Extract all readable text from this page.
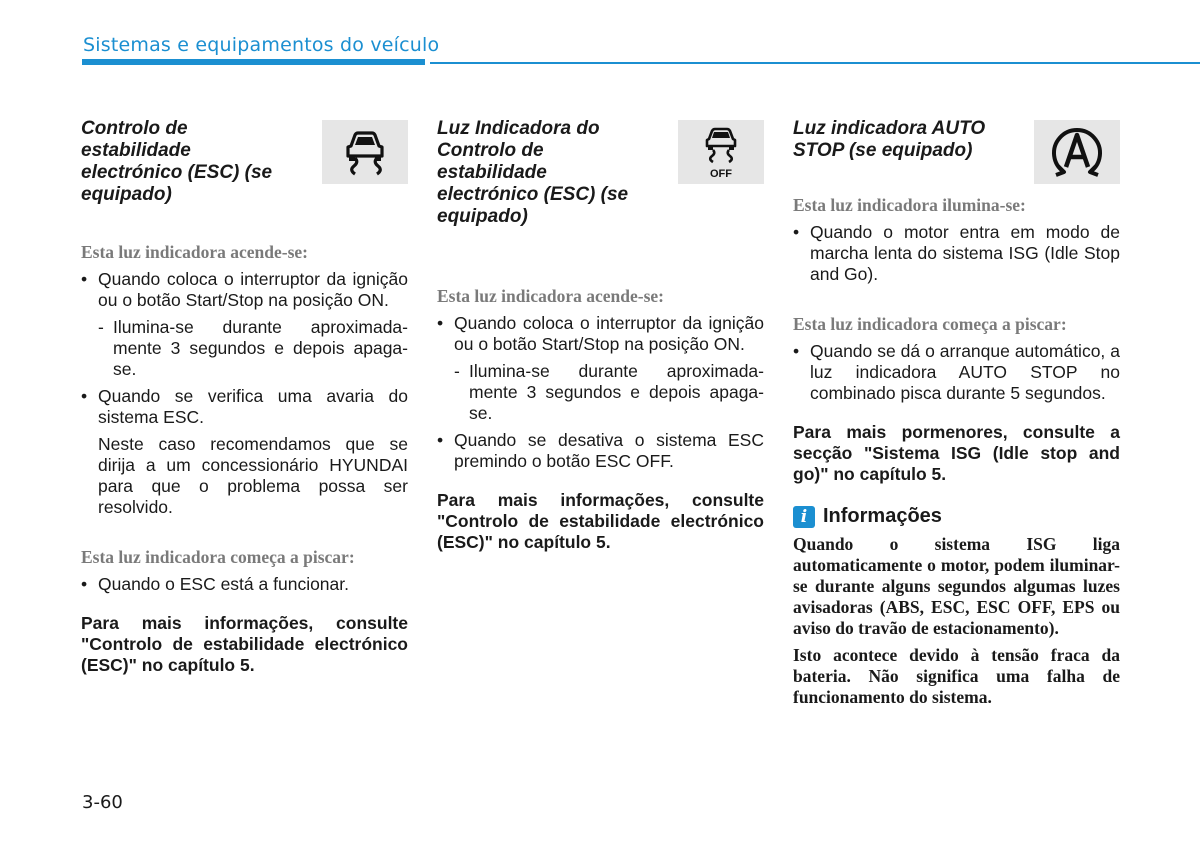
Sistemas e equipamentos do veículo
Controlo de estabilidade electrónico (ESC) (se equipado)
Esta luz indicadora acende-se:
• Quando coloca o interruptor da ignição ou o botão Start/Stop na posição ON.
- Ilumina-se durante aproximada-mente 3 segundos e depois apaga-se.
• Quando se verifica uma avaria do sistema ESC.
Neste caso recomendamos que se dirija a um concessionário HYUNDAI para que o problema possa ser resolvido.
Esta luz indicadora começa a piscar:
• Quando o ESC está a funcionar.
Para mais informações, consulte "Controlo de estabilidade electrónico (ESC)" no capítulo 5.
Luz Indicadora do Controlo de estabilidade electrónico (ESC) (se equipado)
OFF
Esta luz indicadora acende-se:
• Quando coloca o interruptor da ignição ou o botão Start/Stop na posição ON.
- Ilumina-se durante aproximada-mente 3 segundos e depois apaga-se.
• Quando se desativa o sistema ESC premindo o botão ESC OFF.
Para mais informações, consulte "Controlo de estabilidade electrónico (ESC)" no capítulo 5.
Luz indicadora AUTO STOP (se equipado)
Esta luz indicadora ilumina-se:
• Quando o motor entra em modo de marcha lenta do sistema ISG (Idle Stop and Go).
Esta luz indicadora começa a piscar:
• Quando se dá o arranque automático, a luz indicadora AUTO STOP no combinado pisca durante 5 segundos.
Para mais pormenores, consulte a secção "Sistema ISG (Idle stop and go)" no capítulo 5.
i Informações
Quando o sistema ISG liga automaticamente o motor, podem iluminar-se durante alguns segundos algumas luzes avisadoras (ABS, ESC, ESC OFF, EPS ou aviso do travão de estacionamento).
Isto acontece devido à tensão fraca da bateria. Não significa uma falha de funcionamento do sistema.
3-60
